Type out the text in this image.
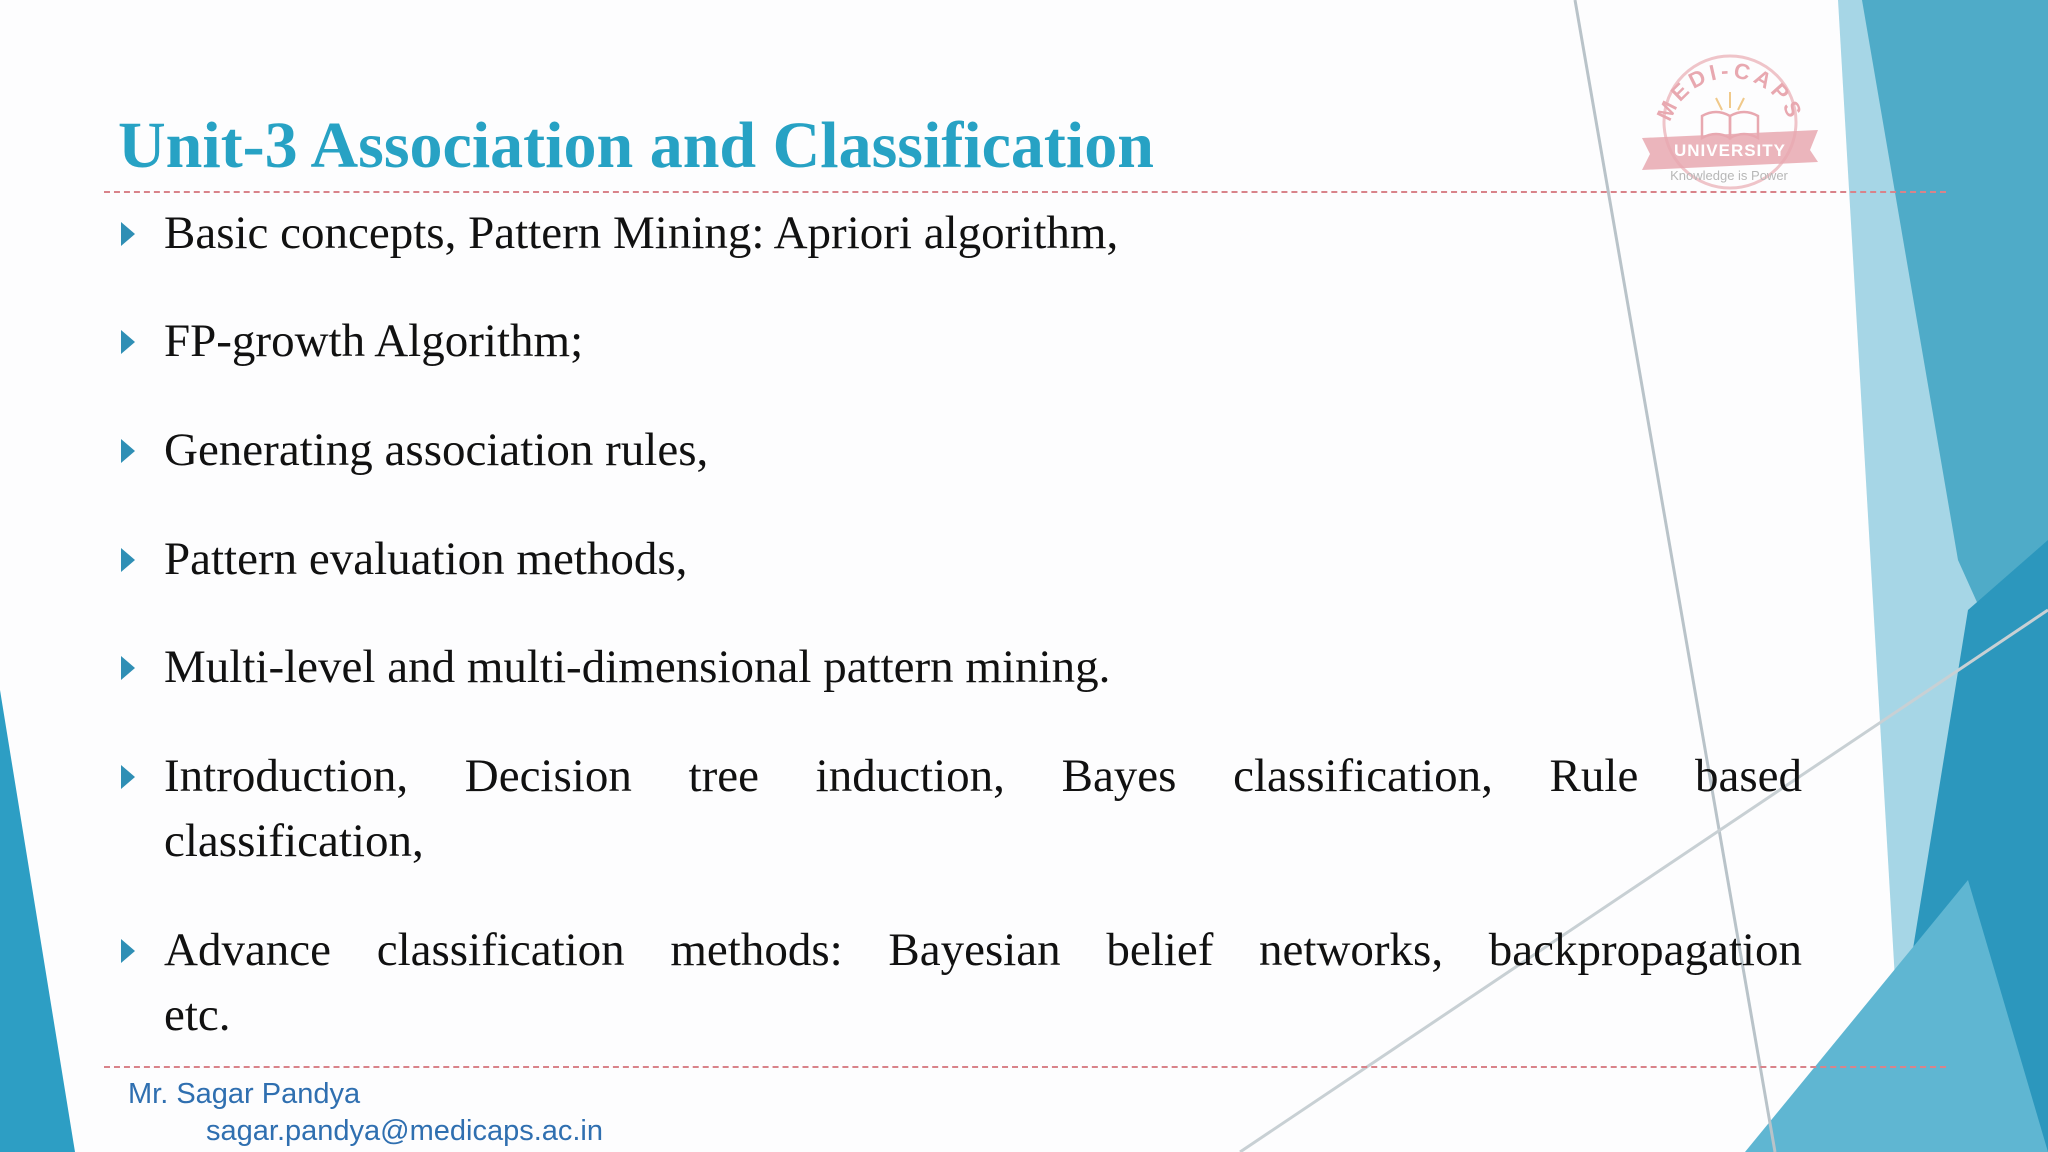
Unit-3 Association and Classification
Basic concepts, Pattern Mining: Apriori algorithm,
FP-growth Algorithm;
Generating association rules,
Pattern evaluation methods,
Multi-level and multi-dimensional pattern mining.
Introduction, Decision tree induction, Bayes classification, Rule based
classification,
Advance classification methods: Bayesian belief networks, backpropagation
etc.
Mr. Sagar Pandya
sagar.pandya@medicaps.ac.in
MEDI-CAPS
UNIVERSITY
Knowledge is Power
